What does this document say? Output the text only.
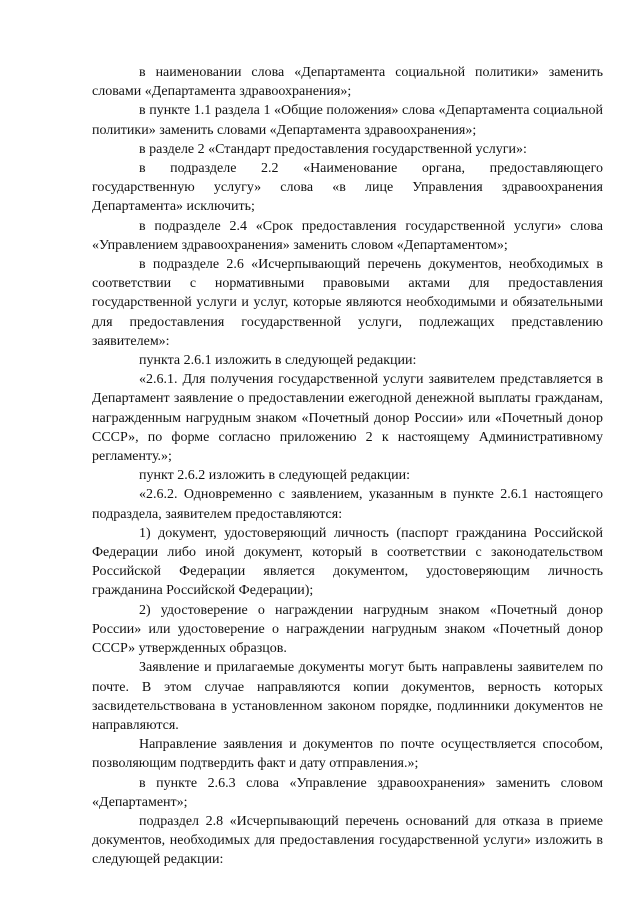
в наименовании слова «Департамента социальной политики» заменить словами «Департамента здравоохранения»;

в пункте 1.1 раздела 1 «Общие положения» слова «Департамента социальной политики» заменить словами «Департамента здравоохранения»;

в разделе 2 «Стандарт предоставления государственной услуги»:

в подразделе 2.2 «Наименование органа, предоставляющего государственную услугу» слова «в лице Управления здравоохранения Департамента» исключить;

в подразделе 2.4 «Срок предоставления государственной услуги» слова «Управлением здравоохранения» заменить словом «Департаментом»;

в подразделе 2.6 «Исчерпывающий перечень документов, необходимых в соответствии с нормативными правовыми актами для предоставления государственной услуги и услуг, которые являются необходимыми и обязательными для предоставления государственной услуги, подлежащих представлению заявителем»:

пункта 2.6.1 изложить в следующей редакции:

«2.6.1. Для получения государственной услуги заявителем представляется в Департамент заявление о предоставлении ежегодной денежной выплаты гражданам, награжденным нагрудным знаком «Почетный донор России» или «Почетный донор СССР», по форме согласно приложению 2 к настоящему Административному регламенту.»;

пункт 2.6.2 изложить в следующей редакции:

«2.6.2. Одновременно с заявлением, указанным в пункте 2.6.1 настоящего подраздела, заявителем предоставляются:

1) документ, удостоверяющий личность (паспорт гражданина Российской Федерации либо иной документ, который в соответствии с законодательством Российской Федерации является документом, удостоверяющим личность гражданина Российской Федерации);

2) удостоверение о награждении нагрудным знаком «Почетный донор России» или удостоверение о награждении нагрудным знаком «Почетный донор СССР» утвержденных образцов.

Заявление и прилагаемые документы могут быть направлены заявителем по почте. В этом случае направляются копии документов, верность которых засвидетельствована в установленном законом порядке, подлинники документов не направляются.

Направление заявления и документов по почте осуществляется способом, позволяющим подтвердить факт и дату отправления.»;

в пункте 2.6.3 слова «Управление здравоохранения» заменить словом «Департамент»;

подраздел 2.8 «Исчерпывающий перечень оснований для отказа в приеме документов, необходимых для предоставления государственной услуги» изложить в следующей редакции:
